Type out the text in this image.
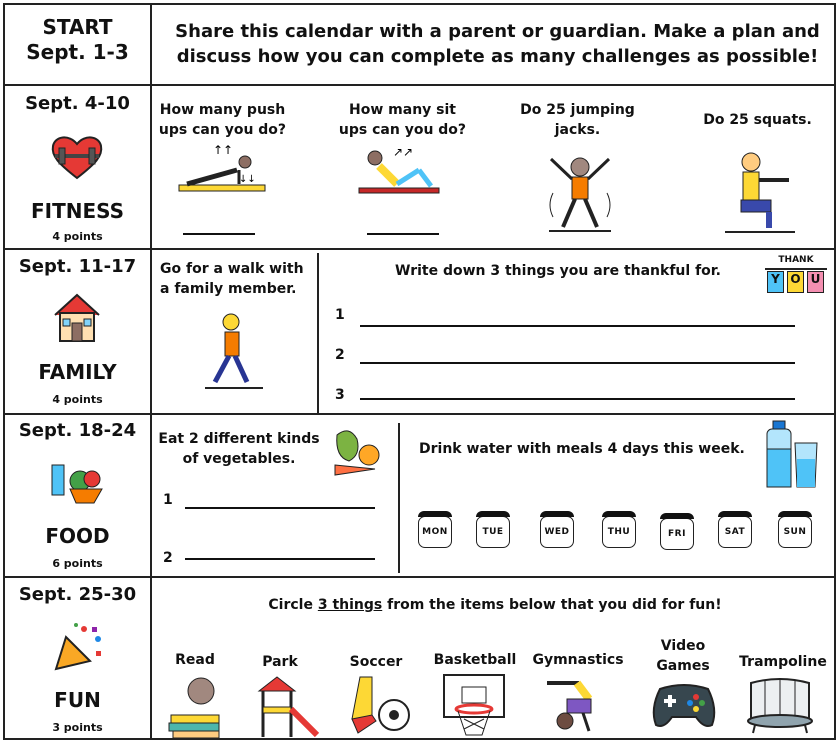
START
Sept. 1-3
Share this calendar with a parent or guardian. Make a plan and discuss how you can complete as many challenges as possible!
Sept. 4-10
FITNESS
4 points
How many push ups can you do?
How many sit ups can you do?
Do 25 jumping jacks.
Do 25 squats.
↑↑
↓↓
↗↗
Sept. 11-17
FAMILY
4 points
Go for a walk with a family member.
Write down 3 things you are thankful for.
THANK
Y O U
1
2
3
Sept. 18-24
FOOD
6 points
Eat 2 different kinds of vegetables.
1
2
Drink water with meals 4 days this week.
MON	TUE	WED	THU	FRI	SAT	SUN
Sept. 25-30
FUN
3 points
Circle 3 things from the items below that you did for fun!
Read	Park	Soccer	Basketball	Gymnastics
Video Games	Trampoline
